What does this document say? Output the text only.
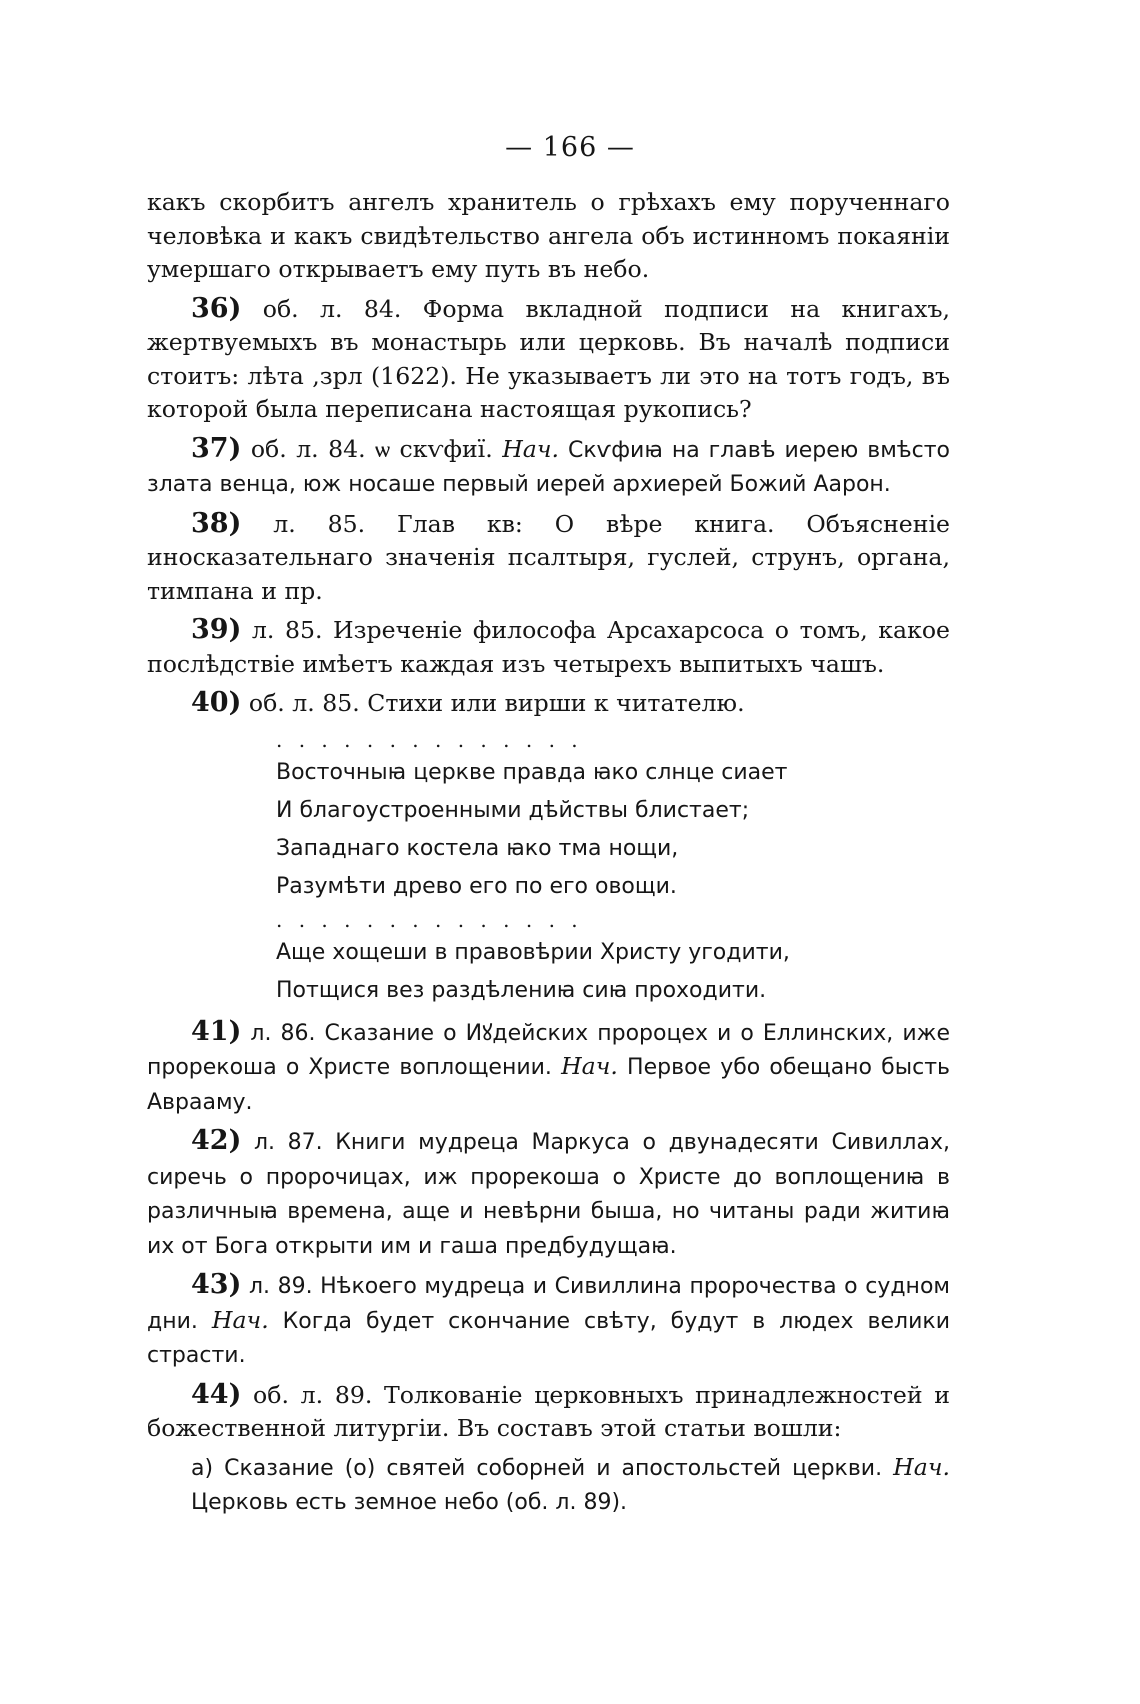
— 166 —

какъ скорбитъ ангелъ хранитель о грѣхахъ ему порученнаго человѣка и какъ свидѣтельство ангела объ истинномъ покаяніи умершаго открываетъ ему путь въ небо.

36) об. л. 84. Форма вкладной подписи на книгахъ, жертвуемыхъ въ монастырь или церковь. Въ началѣ подписи стоитъ: лѣта ,зрл (1622). Не указываетъ ли это на тотъ годъ, въ которой была переписана настоящая рукопись?

37) об. л. 84. ѡ скѵфиї. Нач. Скѵфиꙗ на главѣ иерею вмѣсто злата венца, юж носаше первый иерей архиерей Божий Аарон.

38) л. 85. Глав кв: О вѣре книга. Объясненіе иносказательнаго значенія псалтыря, гуслей, струнъ, органа, тимпана и пр.

39) л. 85. Изреченіе философа Арсахарсоса о томъ, какое послѣдствіе имѣетъ каждая изъ четырехъ выпитыхъ чашъ.

40) об. л. 85. Стихи или вирши к читателю.

. . . . . . . . . . . . . .
Восточныꙗ церкве правда ꙗко слнце сиает
И благоустроенными дѣйствы блистает;
Западнаго костела ꙗко тма нощи,
Разумѣти древо его по его овощи.
. . . . . . . . . . . . . .
Аще хощеши в правовѣрии Христу угодити,
Потщися вез раздѣлениꙗ сиꙗ проходити.

41) л. 86. Сказание о Иꙋдейских пророцех и о Еллинских, иже прорекоша о Христе воплощении. Нач. Первое убо обещано бысть Аврааму.

42) л. 87. Книги мудреца Маркуса о двунадесяти Сивиллах, сиречь о пророчицах, иж прорекоша о Христе до воплощениꙗ в различныꙗ времена, аще и невѣрни быша, но читаны ради житиꙗ их от Бога открыти им и гаша предбудущаꙗ.

43) л. 89. Нѣкоего мудреца и Сивиллина пророчества о судном дни. Нач. Когда будет скончание свѣту, будут в людех велики страсти.

44) об. л. 89. Толкованіе церковныхъ принадлежностей и божественной литургіи. Въ составъ этой статьи вошли:

а) Сказание (о) святей соборней и апостольстей церкви. Нач. Церковь есть земное небо (об. л. 89).
